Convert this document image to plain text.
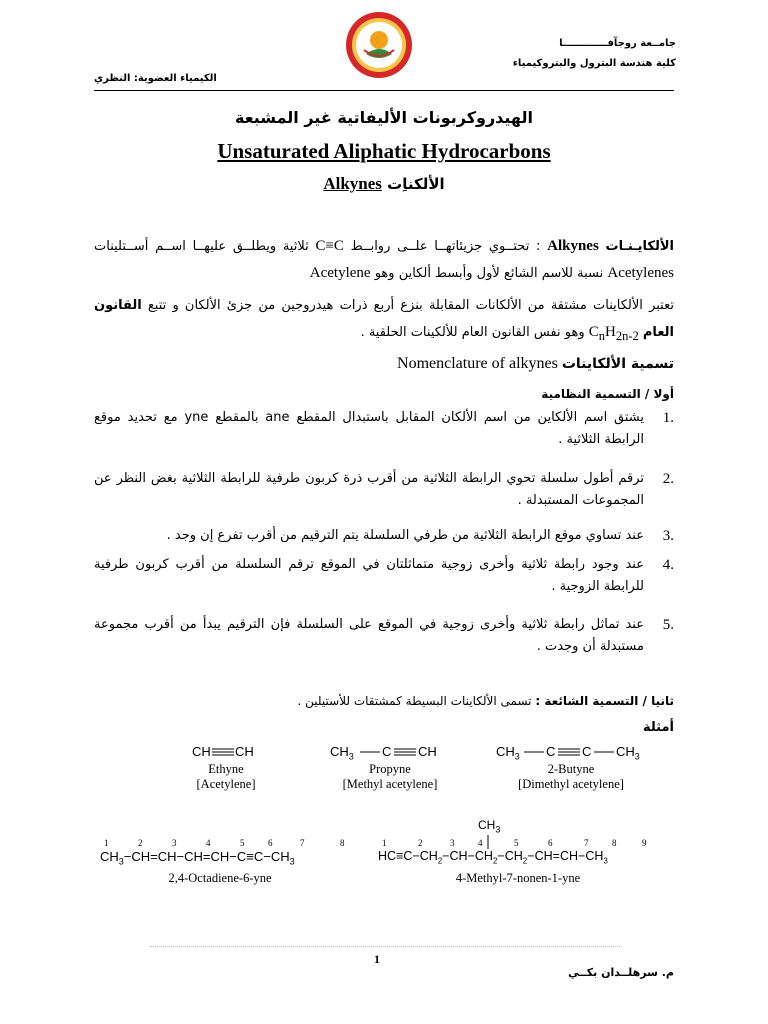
جامــعة روجآفـــــــــــــا
كلية هندسة البترول والبتروكيمياء
الكيمياء العضوية: النظري
الهيدروكربونات الأليفاتية غير المشبعة
Unsaturated Aliphatic Hydrocarbons
الألكناِت Alkynes
الألكايـنـات Alkynes : تحتــوي جزيئاتهــا علــى روابــط C≡C ثلاثية ويطلــق عليهــا اســم أســتلينات Acetylenes نسبة للاسم الشائع لأول وأبسط ألكاين وهو Acetylene
تعتبر الألكاينات مشتقة من الألكانات المقابلة بنزع أربع ذرات هيدروجين من جزئ الألكان و تتبع القانون العام $C_nH_{2n-2}$ وهو نفس القانون العام للألكينات الحلقية .
تسمية الألكاينات Nomenclature of alkynes
أولا / التسمية النظامية
.1
يشتق اسم الألكاين من اسم الألكان المقابل باستبدال المقطع ane بالمقطع yne مع تحديد موقع الرابطة الثلاثية .
.2
ترقم أطول سلسلة تحوي الرابطة الثلاثية من أقرب ذرة كربون طرفية للرابطة الثلاثية بغض النظر عن المجموعات المستبدلة .
.3
عند تساوي موقع الرابطة الثلاثية من طرفي السلسلة يتم الترقيم من أقرب تفرع إن وجد .
.4
عند وجود رابطة ثلاثية وأخرى زوجية متماثلتان في الموقع ترقم السلسلة من أقرب كربون طرفية للرابطة الزوجية .
.5
عند تماثل رابطة ثلاثية وأخرى زوجية في الموقع على السلسلة فإن الترقيم يبدأ من أقرب مجموعة مستبدلة أن وجدت .
ثانيا / التسمية الشائعة : تسمى الألكاينات البسيطة كمشتقات للأستيلين .
أمثلة
CH CH
Ethyne
[Acetylene]
$CH_3$ C CH
Propyne
[Methyl acetylene]
$CH_3$ C C $CH_3$
2-Butyne
[Dimethyl acetylene]
1	2	3	4	5	6	7	8
$CH_3-CH=CH-CH=CH-C\equiv C-CH_3$
2,4-Octadiene-6-yne
$CH_3$
1	2	3	4	5	6	7	8	9
$HC\equiv C-CH_2-CH-CH_2-CH_2-CH=CH-CH_3$
4-Methyl-7-nonen-1-yne
1
م. سرهلــدان بكــي
